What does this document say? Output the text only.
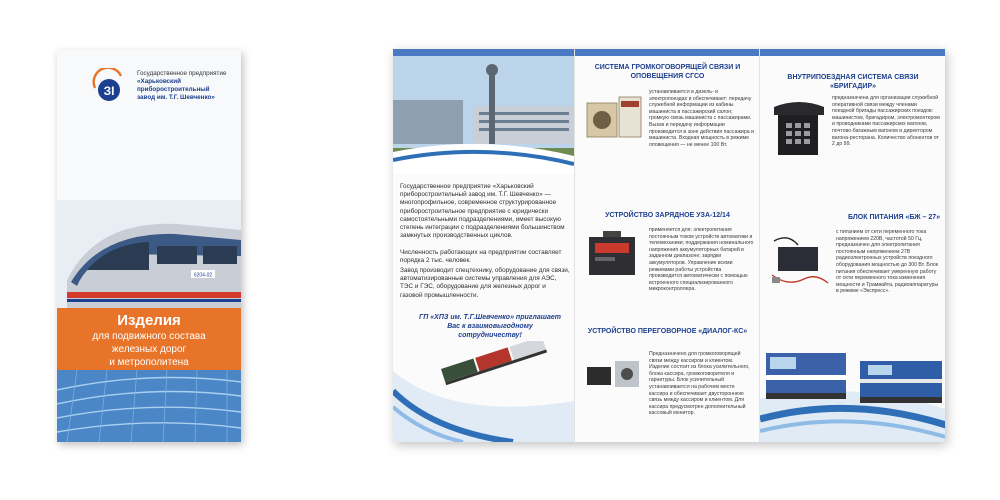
ЗІ
Государственное предприятие
«Харьковский
приборостроительный
завод им. Т.Г. Шевченко»
6204-02
Изделия
для подвижного состава
железных дорог
и метрополитена
Государственное предприятие «Харьковский приборостроительный завод им. Т.Г. Шевченко» — многопрофильное, современное структурированное приборостроительное предприятие с юридически самостоятельными подразделениями, имеет высокую степень интеграции с подразделениями большинством замкнутых производственных циклов.
Численность работающих на предприятии составляет порядка 2 тыс. человек.
Завод производит спецтехнику, оборудование для связи, автоматизированные системы управления для АЭС, ТЭС и ГЭС, оборудование для железных дорог и газовой промышленности.
ГП «ХПЗ им. Т.Г.Шевченко» приглашает Вас к взаимовыгодному сотрудничеству!
СИСТЕМА ГРОМКОГОВОРЯЩЕЙ СВЯЗИ И ОПОВЕЩЕНИЯ СГСО
устанавливается в дизель- и электропоездах и обеспечивает: передачу служебной информации из кабины машиниста в пассажирский салон; громкую связь машиниста с пассажирами. Вызов и передачу информации производится в зоне действия пассажира и машиниста. Входная мощность в режиме оповещения — не менее 100 Вт.
УСТРОЙСТВО ЗАРЯДНОЕ УЗА-12/14
применяется для: электропитания постоянным током устройств автоматики и телемеханики; поддержания номинального напряжения аккумуляторных батарей в заданном диапазоне; зарядки аккумуляторов. Управление всеми режимами работы устройства производится автоматически с помощью встроенного специализированного микроконтроллера.
УСТРОЙСТВО ПЕРЕГОВОРНОЕ «ДИАЛОГ-КС»
Предназначено для громкоговорящей связи между кассиром и клиентом. Изделие состоит из блока усилительного, блока кассира, громкоговорителя и гарнитуры. Блок усилительный устанавливается на рабочем месте кассира и обеспечивает двустороннюю связь между кассиром и клиентом. Для кассира предусмотрен дополнительный кассовый монитор.
ВНУТРИПОЕЗДНАЯ СИСТЕМА СВЯЗИ «БРИГАДИР»
предназначена для организации служебной оперативной связи между членами поездной бригады пассажирских поездов: машинистом, бригадиром, электромонтером и проводниками пассажирских вагонов, почтово-багажным вагоном и директором вагона-ресторана. Количество абонентов от 2 до 99.
БЛОК ПИТАНИЯ «БЖ – 27»
с питанием от сети переменного тока напряжением 220В, частотой 50 Гц, предназначен для электропитания постоянным напряжением 27В радиоэлектронных устройств поездного оборудования мощностью до 300 Вт. Блок питания обеспечивает умеренную работу от сети переменного тока изменения мощности и Трамвайта, радиоаппаратуры в режиме «Экспресс».
